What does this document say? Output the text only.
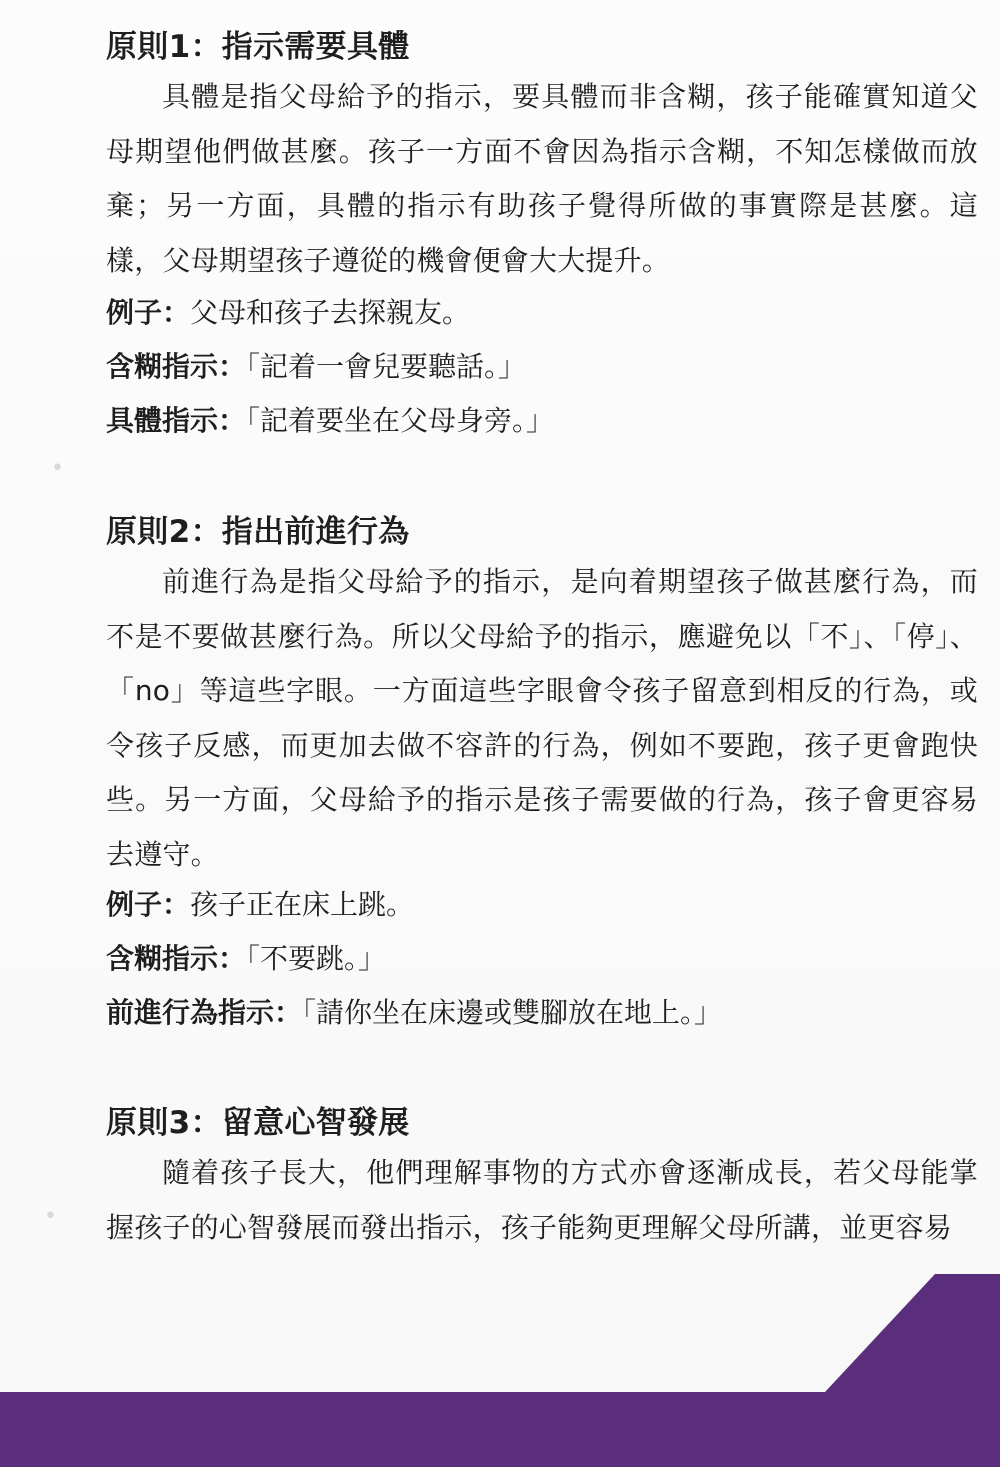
原則1：指示需要具體

具體是指父母給予的指示，要具體而非含糊，孩子能確實知道父母期望他們做甚麼。孩子一方面不會因為指示含糊，不知怎樣做而放棄；另一方面，具體的指示有助孩子覺得所做的事實際是甚麼。這樣，父母期望孩子遵從的機會便會大大提升。

例子：父母和孩子去探親友。

含糊指示：「記着一會兒要聽話。」

具體指示：「記着要坐在父母身旁。」

原則2：指出前進行為

前進行為是指父母給予的指示，是向着期望孩子做甚麼行為，而不是不要做甚麼行為。所以父母給予的指示，應避免以「不」、「停」、「no」等這些字眼。一方面這些字眼會令孩子留意到相反的行為，或令孩子反感，而更加去做不容許的行為，例如不要跑，孩子更會跑快些。另一方面，父母給予的指示是孩子需要做的行為，孩子會更容易去遵守。

例子：孩子正在床上跳。

含糊指示：「不要跳。」

前進行為指示：「請你坐在床邊或雙腳放在地上。」

原則3：留意心智發展

隨着孩子長大，他們理解事物的方式亦會逐漸成長，若父母能掌握孩子的心智發展而發出指示，孩子能夠更理解父母所講，並更容易

•
•
